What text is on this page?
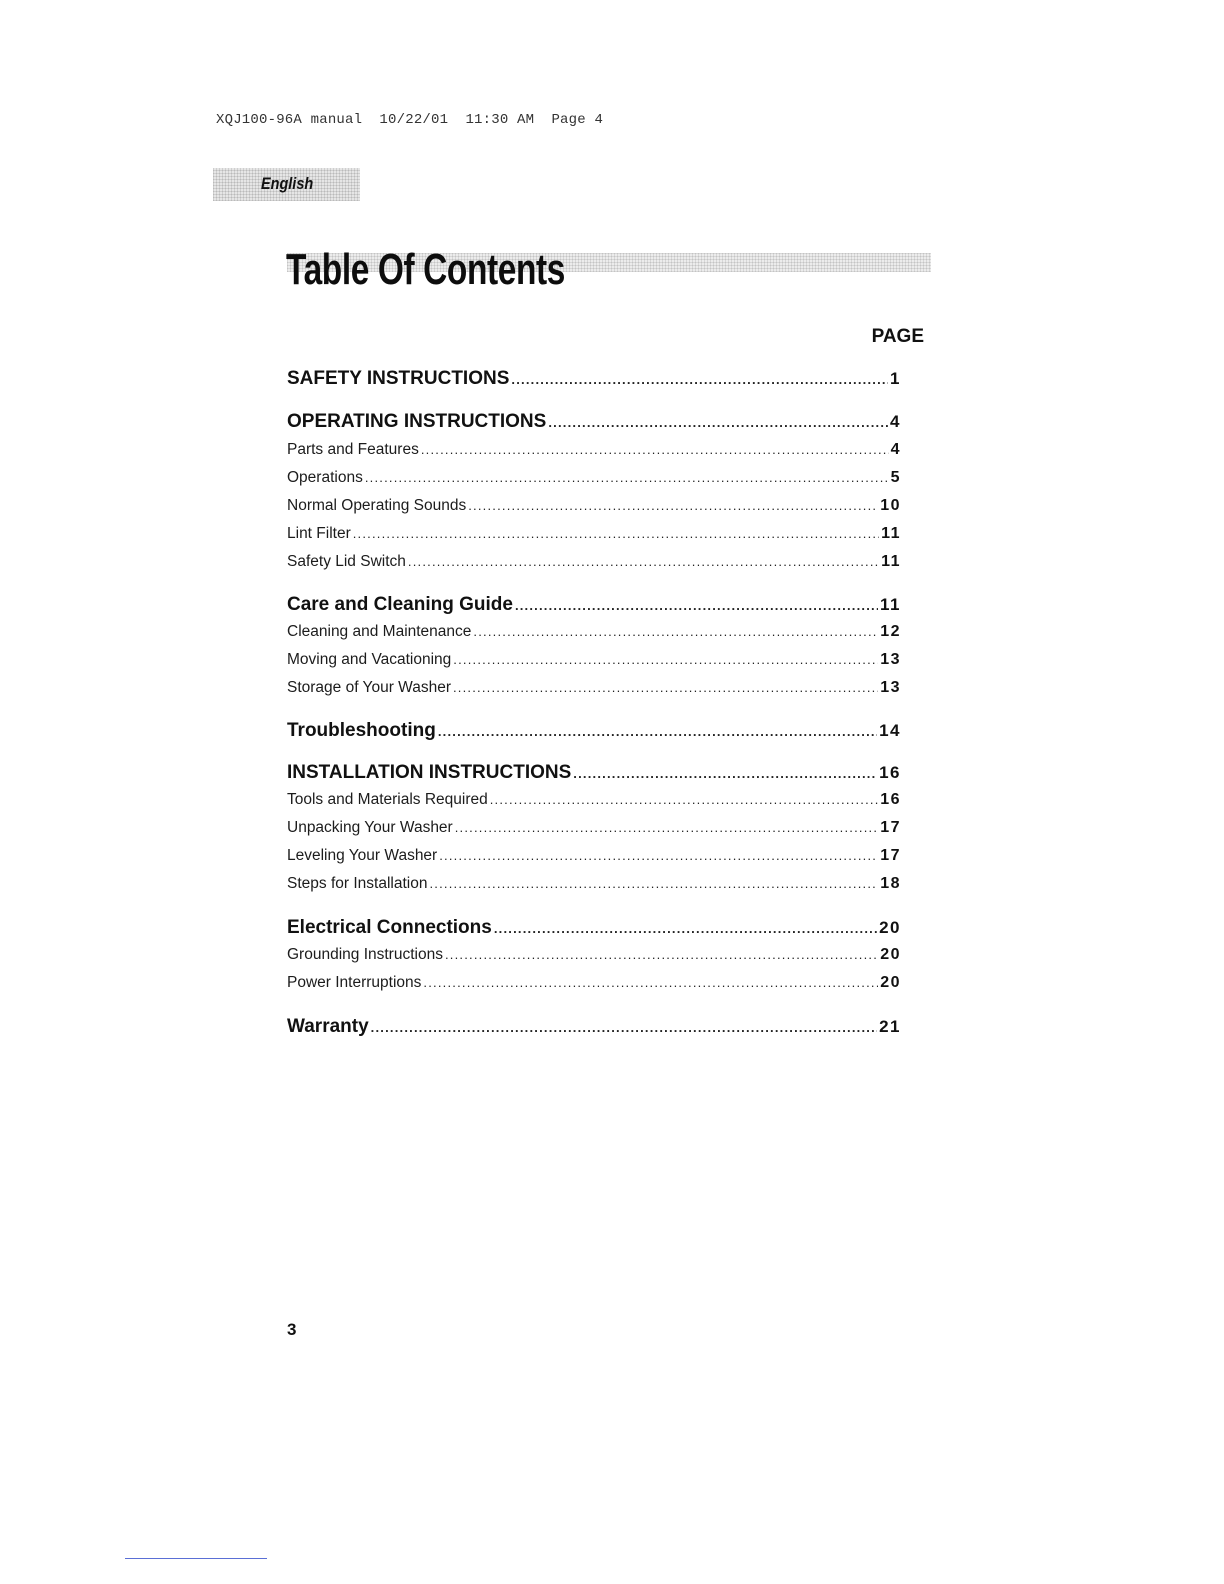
XQJ100-96A manual  10/22/01  11:30 AM  Page 4
English
Table Of Contents
PAGE
SAFETY INSTRUCTIONS .....	1
OPERATING INSTRUCTIONS .....	4
Parts and Features .....	4
Operations .....	5
Normal Operating Sounds .....	10
Lint Filter .....	11
Safety Lid Switch .....	11
Care and Cleaning Guide .....	11
Cleaning and Maintenance .....	12
Moving and Vacationing .....	13
Storage of Your Washer .....	13
Troubleshooting .....	14
INSTALLATION INSTRUCTIONS .....	16
Tools and Materials Required .....	16
Unpacking Your Washer .....	17
Leveling Your Washer .....	17
Steps for Installation .....	18
Electrical Connections .....	20
Grounding Instructions .....	20
Power Interruptions .....	20
Warranty .....	21
3
